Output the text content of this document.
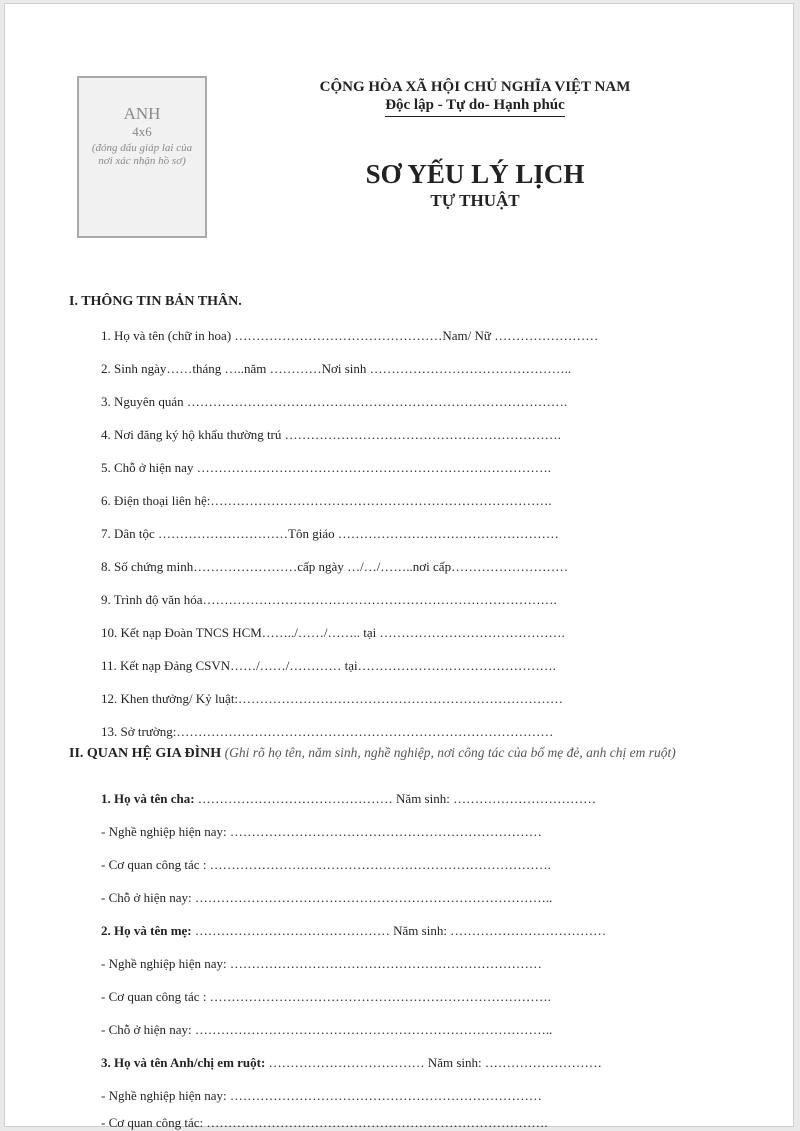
ANH
4x6
(đóng dấu giáp lai của nơi xác nhận hồ sơ)
CỘNG HÒA XÃ HỘI CHỦ NGHĨA VIỆT NAM
Độc lập - Tự do- Hạnh phúc
SƠ YẾU LÝ LỊCH
TỰ THUẬT
I. THÔNG TIN BẢN THÂN.
1. Họ và tên (chữ in hoa) …………………………………………Nam/ Nữ ……………………
2. Sinh ngày……tháng …..năm …………Nơi sinh ………………………………………..
3. Nguyên quán …………………………………………………………………………….
4. Nơi đăng ký hộ khẩu thường trú ……………………………………………………….
5. Chỗ ở hiện nay ……………………………………………………………………….
6. Điện thoại liên hệ:…………………………………………………………………….
7. Dân tộc …………………………Tôn giáo ……………………………………………
8. Số chứng minh……………………cấp ngày …/…/……..nơi cấp………………………
9. Trình độ văn hóa……………………………………………………………………….
10. Kết nạp Đoàn TNCS HCM……../……/…….. tại …………………………………….
11. Kết nạp Đảng CSVN……/……/………… tại……………………………………….
12. Khen thưởng/ Kỷ luật:…………………………………………………………………
13. Sở trường:……………………………………………………………………………
II. QUAN HỆ GIA ĐÌNH (Ghi rõ họ tên, năm sinh, nghề nghiệp, nơi công tác của bố mẹ đẻ, anh chị em ruột)
1. Họ và tên cha: ……………………………………… Năm sinh: ……………………………
- Nghề nghiệp hiện nay: ………………………………………………………………
- Cơ quan công tác : …………………………………………………………………….
- Chỗ ở hiện nay: ………………………………………………………………………..
2. Họ và tên mẹ: ……………………………………… Năm sinh: ………………………………
- Nghề nghiệp hiện nay: ………………………………………………………………
- Cơ quan công tác : …………………………………………………………………….
- Chỗ ở hiện nay: ………………………………………………………………………..
3. Họ và tên Anh/chị em ruột: ……………………………… Năm sinh: ………………………
- Nghề nghiệp hiện nay: ………………………………………………………………
- Cơ quan công tác: …………………………………………………………………….
